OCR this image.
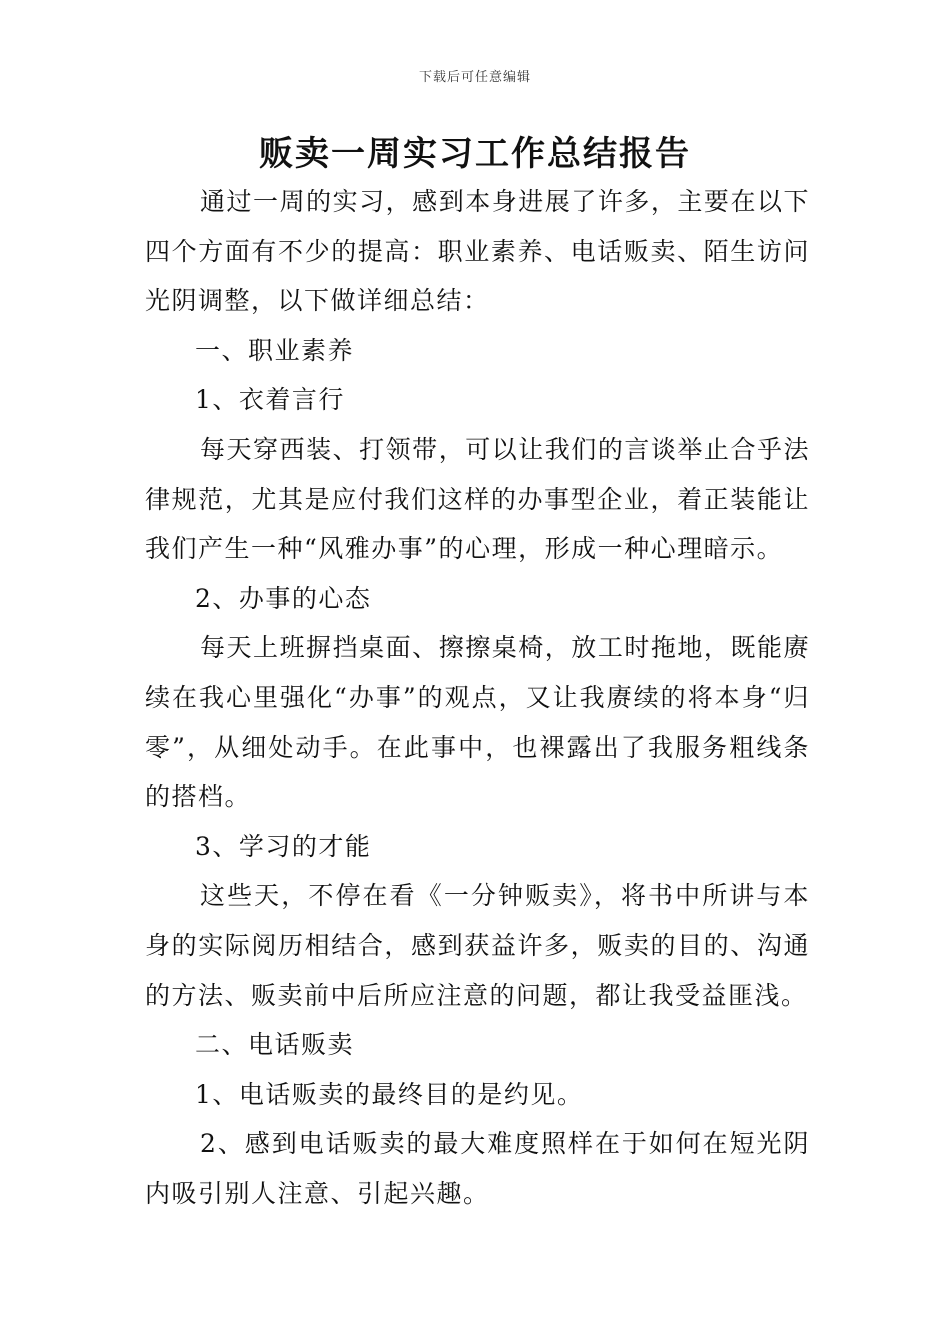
下载后可任意编辑
贩卖一周实习工作总结报告

通过一周的实习，感到本身进展了许多，主要在以下四个方面有不少的提高：职业素养、电话贩卖、陌生访问光阴调整，以下做详细总结：

一、职业素养

1、衣着言行

每天穿西装、打领带，可以让我们的言谈举止合乎法律规范，尤其是应付我们这样的办事型企业，着正装能让我们产生一种“风雅办事”的心理，形成一种心理暗示。

2、办事的心态

每天上班摒挡桌面、擦擦桌椅，放工时拖地，既能赓续在我心里强化“办事”的观点，又让我赓续的将本身“归零”，从细处动手。在此事中，也裸露出了我服务粗线条的搭档。

3、学习的才能

这些天，不停在看《一分钟贩卖》，将书中所讲与本身的实际阅历相结合，感到获益许多，贩卖的目的、沟通的方法、贩卖前中后所应注意的问题，都让我受益匪浅。

二、电话贩卖

1、电话贩卖的最终目的是约见。

2、感到电话贩卖的最大难度照样在于如何在短光阴内吸引别人注意、引起兴趣。
